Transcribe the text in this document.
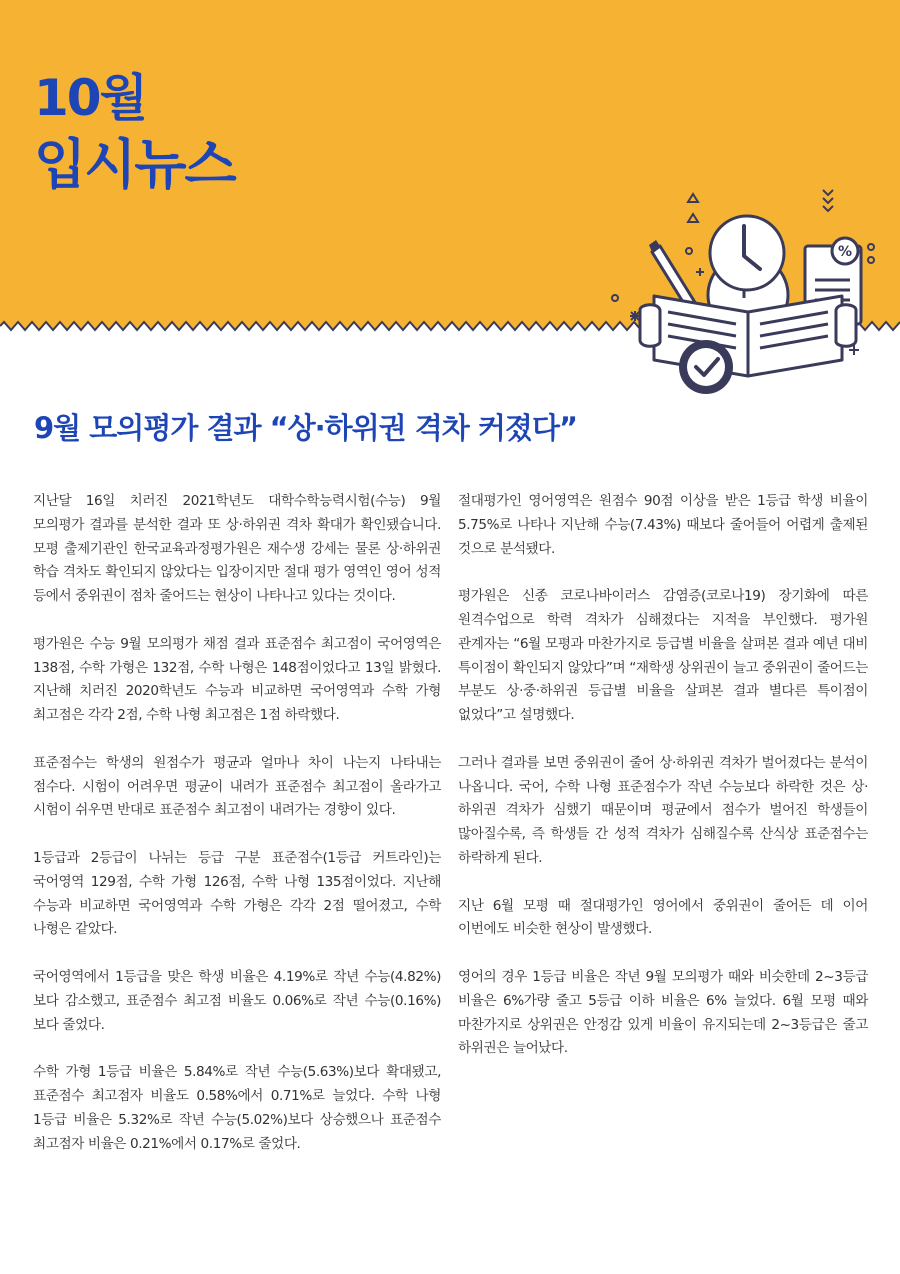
10월
입시뉴스
%
9월 모의평가 결과 “상·하위권 격차 커졌다”

지난달 16일 치러진 2021학년도 대학수학능력시험(수능) 9월 모의평가 결과를 분석한 결과 또 상·하위권 격차 확대가 확인됐습니다. 모평 출제기관인 한국교육과정평가원은 재수생 강세는 물론 상·하위권 학습 격차도 확인되지 않았다는 입장이지만 절대 평가 영역인 영어 성적 등에서 중위권이 점차 줄어드는 현상이 나타나고 있다는 것이다.

평가원은 수능 9월 모의평가 채점 결과 표준점수 최고점이 국어영역은 138점, 수학 가형은 132점, 수학 나형은 148점이었다고 13일 밝혔다. 지난해 치러진 2020학년도 수능과 비교하면 국어영역과 수학 가형 최고점은 각각 2점, 수학 나형 최고점은 1점 하락했다.

표준점수는 학생의 원점수가 평균과 얼마나 차이 나는지 나타내는 점수다. 시험이 어려우면 평균이 내려가 표준점수 최고점이 올라가고 시험이 쉬우면 반대로 표준점수 최고점이 내려가는 경향이 있다.

1등급과 2등급이 나뉘는 등급 구분 표준점수(1등급 커트라인)는 국어영역 129점, 수학 가형 126점, 수학 나형 135점이었다. 지난해 수능과 비교하면 국어영역과 수학 가형은 각각 2점 떨어졌고, 수학 나형은 같았다.

국어영역에서 1등급을 맞은 학생 비율은 4.19%로 작년 수능(4.82%)보다 감소했고, 표준점수 최고점 비율도 0.06%로 작년 수능(0.16%)보다 줄었다.

수학 가형 1등급 비율은 5.84%로 작년 수능(5.63%)보다 확대됐고, 표준점수 최고점자 비율도 0.58%에서 0.71%로 늘었다. 수학 나형 1등급 비율은 5.32%로 작년 수능(5.02%)보다 상승했으나 표준점수 최고점자 비율은 0.21%에서 0.17%로 줄었다.

절대평가인 영어영역은 원점수 90점 이상을 받은 1등급 학생 비율이 5.75%로 나타나 지난해 수능(7.43%) 때보다 줄어들어 어렵게 출제된 것으로 분석됐다.

평가원은 신종 코로나바이러스 감염증(코로나19) 장기화에 따른 원격수업으로 학력 격차가 심해졌다는 지적을 부인했다. 평가원 관계자는 “6월 모평과 마찬가지로 등급별 비율을 살펴본 결과 예년 대비 특이점이 확인되지 않았다”며 “재학생 상위권이 늘고 중위권이 줄어드는 부분도 상·중·하위권 등급별 비율을 살펴본 결과 별다른 특이점이 없었다”고 설명했다.

그러나 결과를 보면 중위권이 줄어 상·하위권 격차가 벌어졌다는 분석이 나옵니다. 국어, 수학 나형 표준점수가 작년 수능보다 하락한 것은 상·하위권 격차가 심했기 때문이며 평균에서 점수가 벌어진 학생들이 많아질수록, 즉 학생들 간 성적 격차가 심해질수록 산식상 표준점수는 하락하게 된다.

지난 6월 모평 때 절대평가인 영어에서 중위권이 줄어든 데 이어 이번에도 비슷한 현상이 발생했다.

영어의 경우 1등급 비율은 작년 9월 모의평가 때와 비슷한데 2~3등급 비율은 6%가량 줄고 5등급 이하 비율은 6% 늘었다. 6월 모평 때와 마찬가지로 상위권은 안정감 있게 비율이 유지되는데 2~3등급은 줄고 하위권은 늘어났다.
